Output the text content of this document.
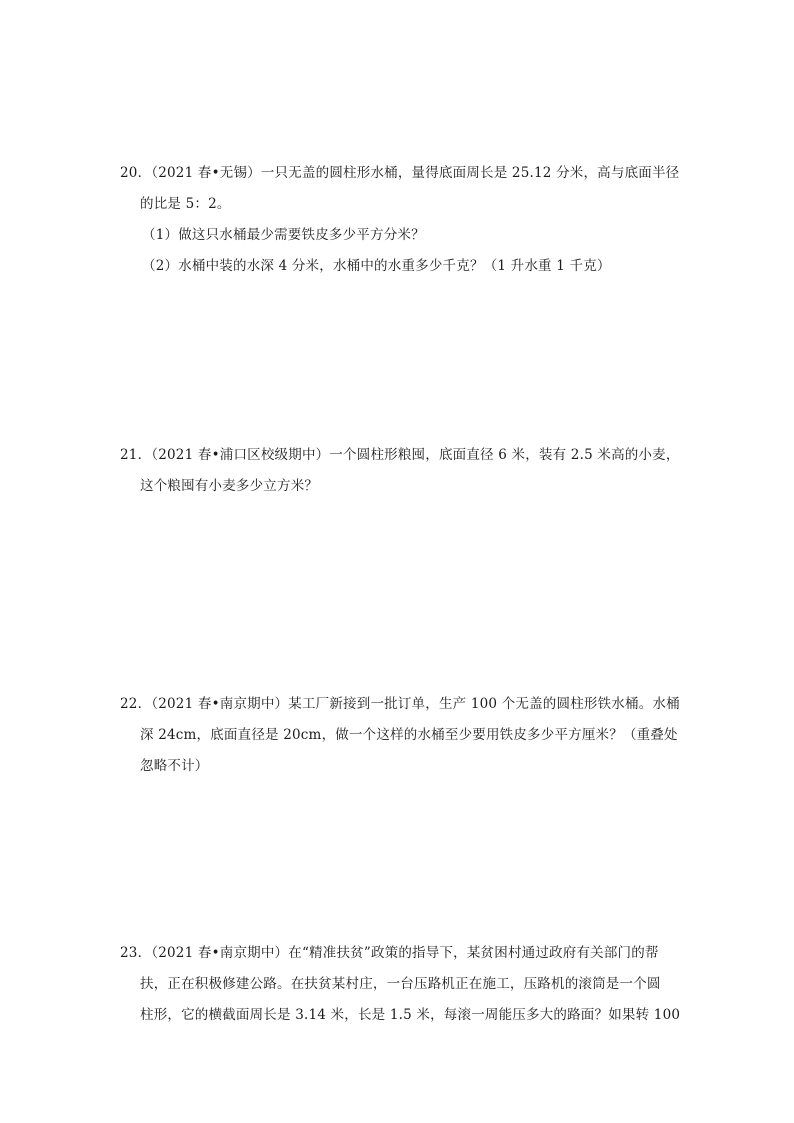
20．（2021 春•无锡）一只无盖的圆柱形水桶，量得底面周长是 25.12 分米，高与底面半径
的比是 5：2。
（1）做这只水桶最少需要铁皮多少平方分米？
（2）水桶中装的水深 4 分米，水桶中的水重多少千克？（1 升水重 1 千克）
21．（2021 春•浦口区校级期中）一个圆柱形粮囤，底面直径 6 米，装有 2.5 米高的小麦，
这个粮囤有小麦多少立方米？
22．（2021 春•南京期中）某工厂新接到一批订单，生产 100 个无盖的圆柱形铁水桶。水桶
深 24cm，底面直径是 20cm，做一个这样的水桶至少要用铁皮多少平方厘米？（重叠处
忽略不计）
23．（2021 春•南京期中）在“精准扶贫”政策的指导下，某贫困村通过政府有关部门的帮
扶，正在积极修建公路。在扶贫某村庄，一台压路机正在施工，压路机的滚筒是一个圆
柱形，它的横截面周长是 3.14 米，长是 1.5 米，每滚一周能压多大的路面？如果转 100
